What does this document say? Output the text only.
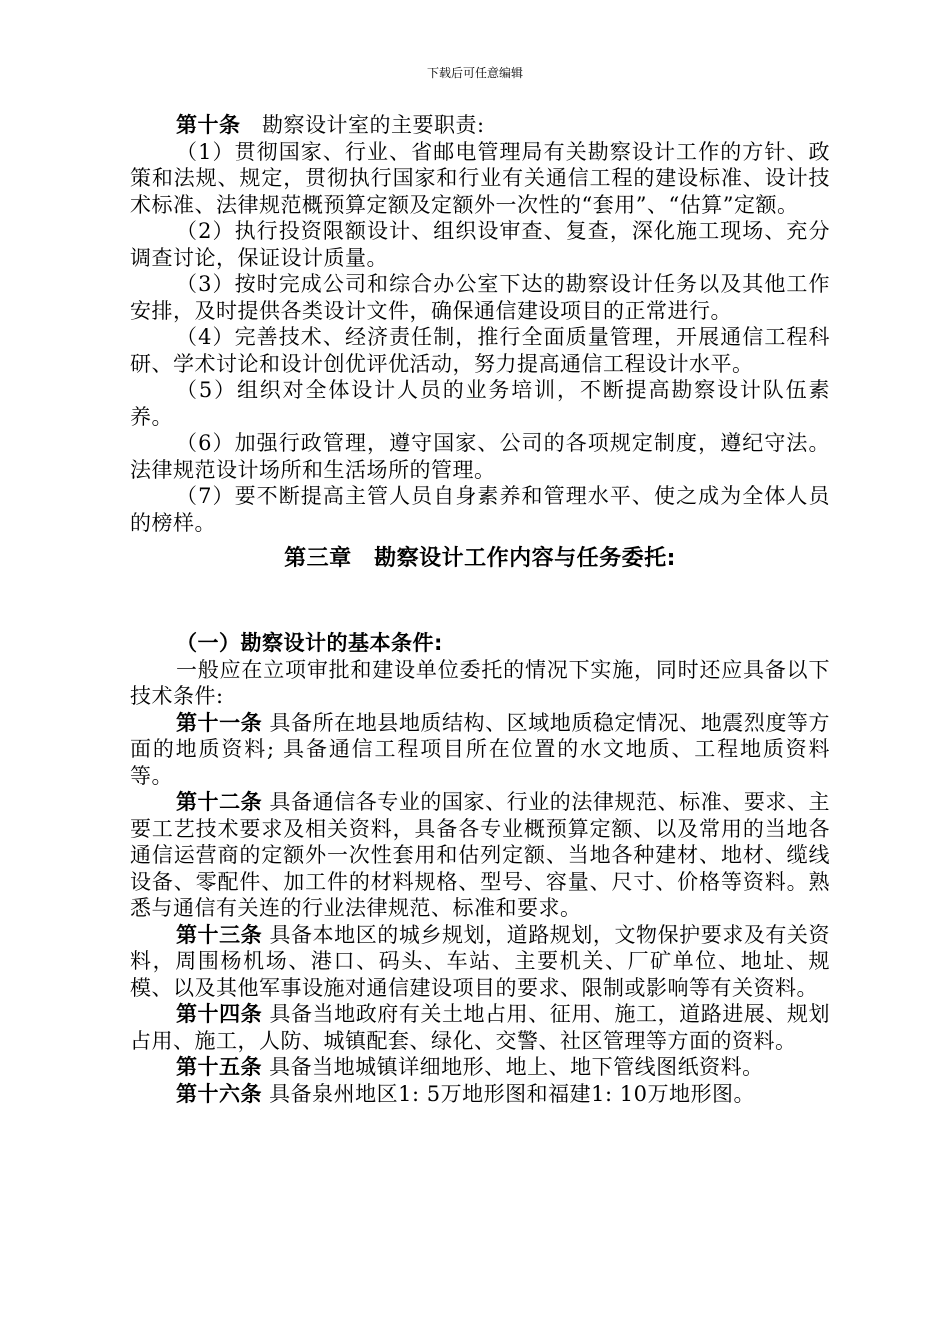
下载后可任意编辑

第十条　勘察设计室的主要职责:

（1）贯彻国家、行业、省邮电管理局有关勘察设计工作的方针、政策和法规、规定，贯彻执行国家和行业有关通信工程的建设标准、设计技术标准、法律规范概预算定额及定额外一次性的“套用”、“估算”定额。

（2）执行投资限额设计、组织设审查、复查，深化施工现场、充分调查讨论，保证设计质量。

（3）按时完成公司和综合办公室下达的勘察设计任务以及其他工作安排，及时提供各类设计文件，确保通信建设项目的正常进行。

（4）完善技术、经济责任制，推行全面质量管理，开展通信工程科研、学术讨论和设计创优评优活动，努力提高通信工程设计水平。

（5）组织对全体设计人员的业务培训，不断提高勘察设计队伍素养。

（6）加强行政管理，遵守国家、公司的各项规定制度，遵纪守法。法律规范设计场所和生活场所的管理。

（7）要不断提高主管人员自身素养和管理水平、使之成为全体人员的榜样。

第三章　勘察设计工作内容与任务委托:

（一）勘察设计的基本条件:

一般应在立项审批和建设单位委托的情况下实施，同时还应具备以下技术条件:

第十一条 具备所在地县地质结构、区域地质稳定情况、地震烈度等方面的地质资料; 具备通信工程项目所在位置的水文地质、工程地质资料等。

第十二条 具备通信各专业的国家、行业的法律规范、标准、要求、主要工艺技术要求及相关资料，具备各专业概预算定额、以及常用的当地各通信运营商的定额外一次性套用和估列定额、当地各种建材、地材、缆线设备、零配件、加工件的材料规格、型号、容量、尺寸、价格等资料。熟悉与通信有关连的行业法律规范、标准和要求。

第十三条 具备本地区的城乡规划，道路规划，文物保护要求及有关资料，周围杨机场、港口、码头、车站、主要机关、厂矿单位、地址、规模、以及其他军事设施对通信建设项目的要求、限制或影响等有关资料。

第十四条 具备当地政府有关土地占用、征用、施工，道路进展、规划占用、施工，人防、城镇配套、绿化、交警、社区管理等方面的资料。

第十五条 具备当地城镇详细地形、地上、地下管线图纸资料。

第十六条 具备泉州地区1: 5万地形图和福建1: 10万地形图。
